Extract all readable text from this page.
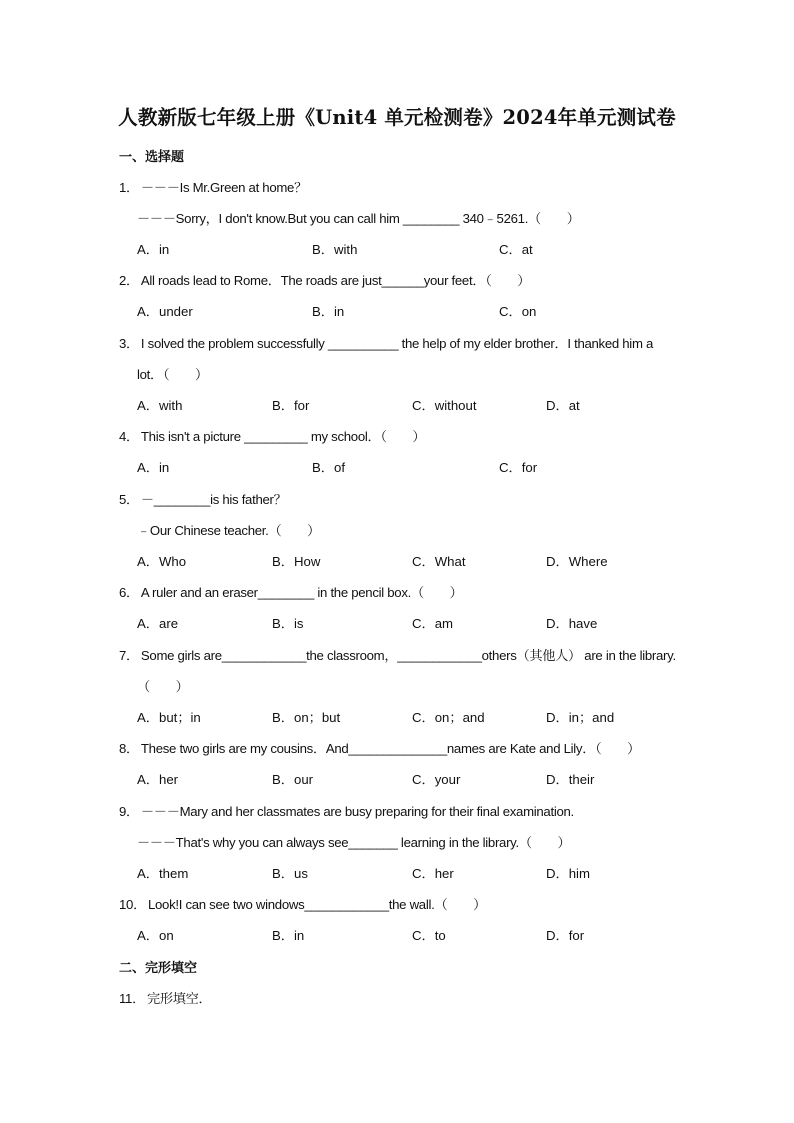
人教新版七年级上册《Unit4 单元检测卷》2024年单元测试卷
一、选择题
1． －－－Is Mr.Green at home？
－－－Sorry，I don't know.But you can call him ________ 340﹣5261.（　　）
A．in	B．with	C．at
2． All roads lead to Rome．The roads are just______your feet．（　　）
A．under	B．in	C．on
3． I solved the problem successfully __________ the help of my elder brother．I thanked him a
lot．（　　）
A．with	B．for	C．without	D．at
4． This isn't a picture _________ my school．（　　）
A．in	B．of	C．for
5． －________is his father？
﹣Our Chinese teacher.（　　）
A．Who	B．How	C．What	D．Where
6． A ruler and an eraser________ in the pencil box.（　　）
A．are	B．is	C．am	D．have
7． Some girls are____________the classroom，____________others（其他人） are in the library.
（　　）
A．but；in	B．on；but	C．on；and	D．in；and
8． These two girls are my cousins．And______________names are Kate and Lily．（　　）
A．her	B．our	C．your	D．their
9． －－－Mary and her classmates are busy preparing for their final examination.
－－－That's why you can always see_______ learning in the library.（　　）
A．them	B．us	C．her	D．him
10． Look!I can see two windows____________the wall.（　　）
A．on	B．in	C．to	D．for
二、完形填空
11． 完形填空．
